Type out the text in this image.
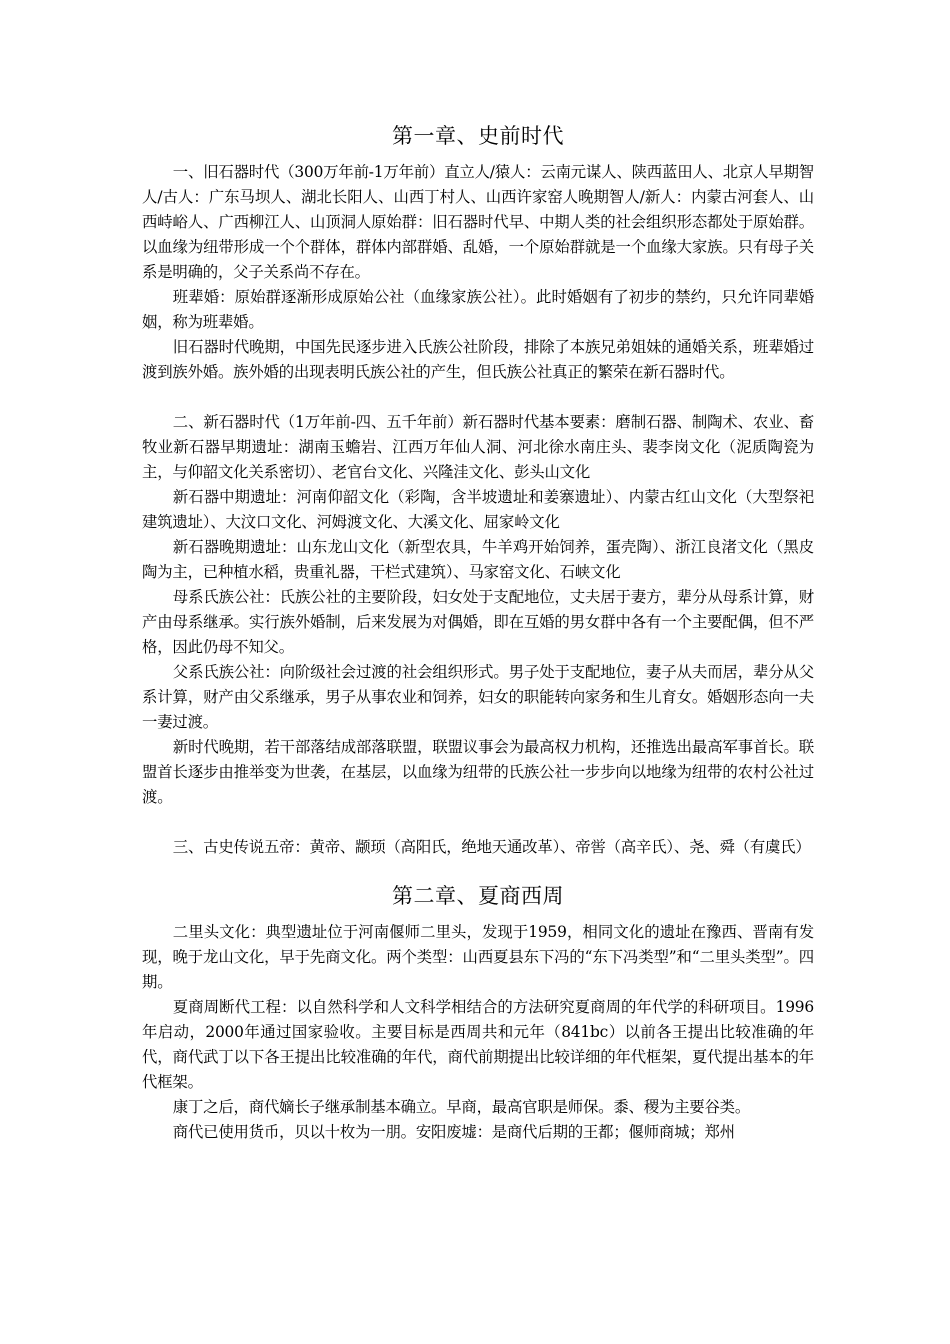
第一章、史前时代

一、旧石器时代（300万年前-1万年前）直立人/猿人：云南元谋人、陕西蓝田人、北京人早期智人/古人：广东马坝人、湖北长阳人、山西丁村人、山西许家窑人晚期智人/新人：内蒙古河套人、山西峙峪人、广西柳江人、山顶洞人原始群：旧石器时代早、中期人类的社会组织形态都处于原始群。以血缘为纽带形成一个个群体，群体内部群婚、乱婚，一个原始群就是一个血缘大家族。只有母子关系是明确的，父子关系尚不存在。

班辈婚：原始群逐渐形成原始公社（血缘家族公社）。此时婚姻有了初步的禁约，只允许同辈婚姻，称为班辈婚。

旧石器时代晚期，中国先民逐步进入氏族公社阶段，排除了本族兄弟姐妹的通婚关系，班辈婚过渡到族外婚。族外婚的出现表明氏族公社的产生，但氏族公社真正的繁荣在新石器时代。

二、新石器时代（1万年前-四、五千年前）新石器时代基本要素：磨制石器、制陶术、农业、畜牧业新石器早期遗址：湖南玉蟾岩、江西万年仙人洞、河北徐水南庄头、裴李岗文化（泥质陶瓷为主，与仰韶文化关系密切）、老官台文化、兴隆洼文化、彭头山文化

新石器中期遗址：河南仰韶文化（彩陶，含半坡遗址和姜寨遗址）、内蒙古红山文化（大型祭祀建筑遗址）、大汶口文化、河姆渡文化、大溪文化、屈家岭文化

新石器晚期遗址：山东龙山文化（新型农具，牛羊鸡开始饲养，蛋壳陶）、浙江良渚文化（黑皮陶为主，已种植水稻，贵重礼器，干栏式建筑）、马家窑文化、石峡文化

母系氏族公社：氏族公社的主要阶段，妇女处于支配地位，丈夫居于妻方，辈分从母系计算，财产由母系继承。实行族外婚制，后来发展为对偶婚，即在互婚的男女群中各有一个主要配偶，但不严格，因此仍母不知父。

父系氏族公社：向阶级社会过渡的社会组织形式。男子处于支配地位，妻子从夫而居，辈分从父系计算，财产由父系继承，男子从事农业和饲养，妇女的职能转向家务和生儿育女。婚姻形态向一夫一妻过渡。

新时代晚期，若干部落结成部落联盟，联盟议事会为最高权力机构，还推选出最高军事首长。联盟首长逐步由推举变为世袭，在基层，以血缘为纽带的氏族公社一步步向以地缘为纽带的农村公社过渡。

三、古史传说五帝：黄帝、颛顼（高阳氏，绝地天通改革）、帝喾（高辛氏）、尧、舜（有虞氏）

第二章、夏商西周

二里头文化：典型遗址位于河南偃师二里头，发现于1959，相同文化的遗址在豫西、晋南有发现，晚于龙山文化，早于先商文化。两个类型：山西夏县东下冯的“东下冯类型”和“二里头类型”。四期。

夏商周断代工程：以自然科学和人文科学相结合的方法研究夏商周的年代学的科研项目。1996年启动，2000年通过国家验收。主要目标是西周共和元年（841bc）以前各王提出比较准确的年代，商代武丁以下各王提出比较准确的年代，商代前期提出比较详细的年代框架，夏代提出基本的年代框架。

康丁之后，商代嫡长子继承制基本确立。早商，最高官职是师保。黍、稷为主要谷类。

商代已使用货币，贝以十枚为一朋。安阳废墟：是商代后期的王都；偃师商城；郑州
